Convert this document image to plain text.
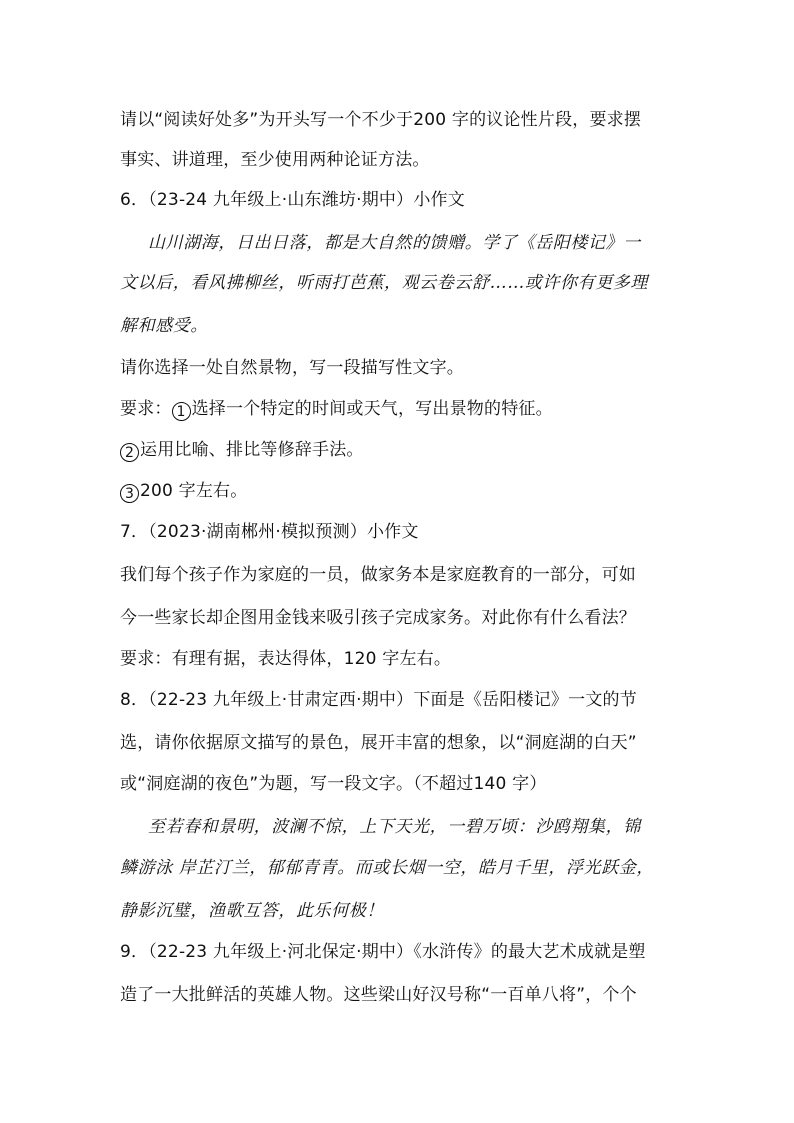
请以“阅读好处多”为开头写一个不少于200 字的议论性片段，要求摆
事实、讲道理，至少使用两种论证方法。
6．（23-24 九年级上·山东潍坊·期中）小作文
山川湖海，日出日落，都是大自然的馈赠。学了《岳阳楼记》一
文以后，看风拂柳丝，听雨打芭蕉，观云卷云舒……或许你有更多理
解和感受。
请你选择一处自然景物，写一段描写性文字。
要求： 1 选择一个特定的时间或天气，写出景物的特征。
2 运用比喻、排比等修辞手法。
3 200 字左右。
7．（2023·湖南郴州·模拟预测）小作文
我们每个孩子作为家庭的一员，做家务本是家庭教育的一部分，可如
今一些家长却企图用金钱来吸引孩子完成家务。对此你有什么看法？
要求：有理有据，表达得体，120 字左右。
8．（22-23 九年级上·甘肃定西·期中）下面是《岳阳楼记》一文的节
选，请你依据原文描写的景色，展开丰富的想象，以“洞庭湖的白天”
或“洞庭湖的夜色”为题，写一段文字。（不超过140 字）
至若春和景明，波澜不惊，上下天光，一碧万顷：沙鸥翔集，锦
鳞游泳 岸芷汀兰，郁郁青青。而或长烟一空，皓月千里，浮光跃金，
静影沉璧，渔歌互答，此乐何极！
9．（22-23 九年级上·河北保定·期中）《水浒传》的最大艺术成就是塑
造了一大批鲜活的英雄人物。这些梁山好汉号称“一百单八将”，个个
